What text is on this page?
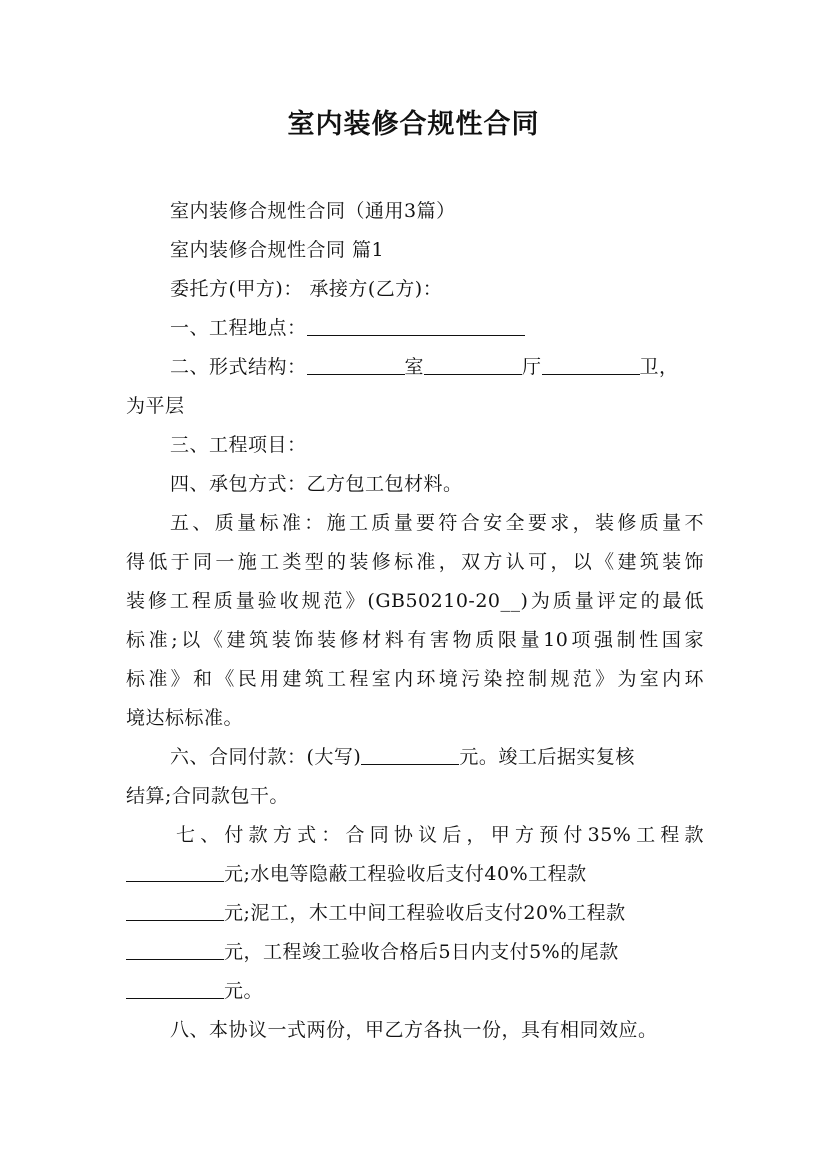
室内装修合规性合同
室内装修合规性合同（通用3篇）
室内装修合规性合同 篇1
委托方(甲方)： 承接方(乙方)：
一、工程地点：
二、形式结构：	室	厅	卫，
为平层
三、工程项目：
四、承包方式：乙方包工包材料。
五、质量标准：施工质量要符合安全要求，装修质量不
得低于同一施工类型的装修标准，双方认可，以《建筑装饰
装修工程质量验收规范》(GB50210-20__)为质量评定的最低
标准;以《建筑装饰装修材料有害物质限量10项强制性国家
标准》和《民用建筑工程室内环境污染控制规范》为室内环
境达标标准。
六、合同付款：(大写)	元。竣工后据实复核
结算;合同款包干。
七、付款方式：合同协议后，甲方预付35%工程款
元;水电等隐蔽工程验收后支付40%工程款
元;泥工，木工中间工程验收后支付20%工程款
元，工程竣工验收合格后5日内支付5%的尾款
元。
八、本协议一式两份，甲乙方各执一份，具有相同效应。
